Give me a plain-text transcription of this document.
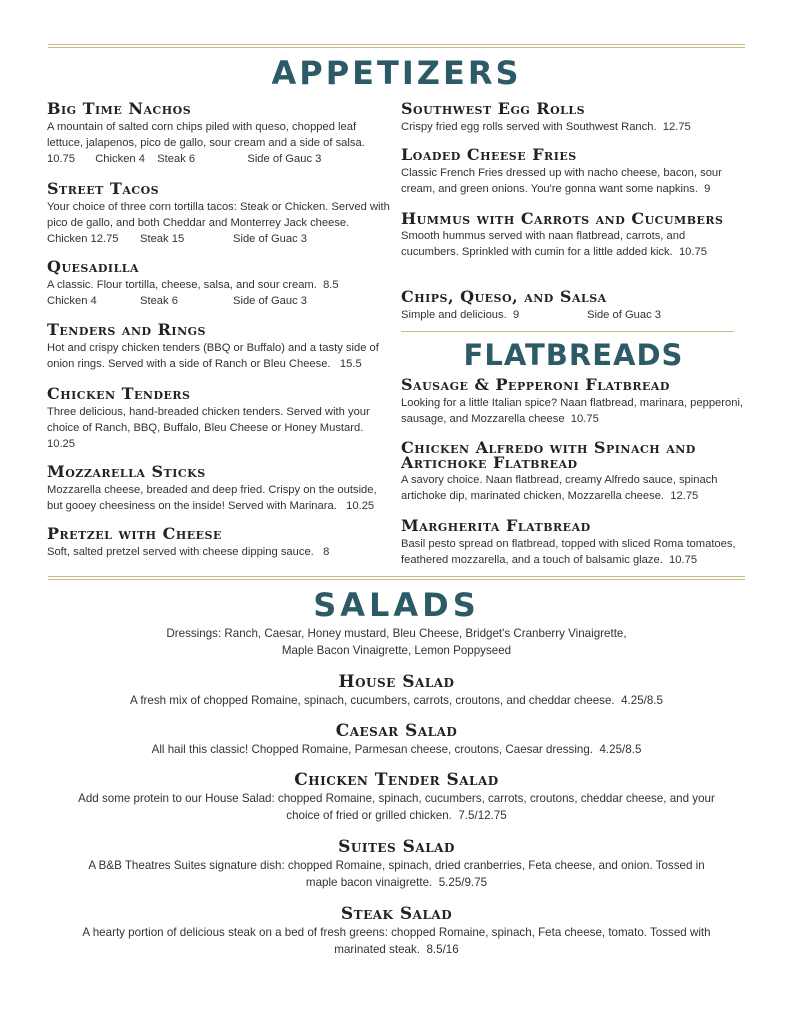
APPETIZERS
Big Time Nachos
A mountain of salted corn chips piled with queso, chopped leaf lettuce, jalapenos, pico de gallo, sour cream and a side of salsa. 10.75 Chicken 4 Steak 6	Side of Gauc 3
Street Tacos
Your choice of three corn tortilla tacos: Steak or Chicken. Served with pico de gallo, and both Cheddar and Monterrey Jack cheese.
Chicken 12.75 Steak 15	Side of Guac 3
Quesadilla
A classic. Flour tortilla, cheese, salsa, and sour cream. 8.5
Chicken 4	Steak 6	Side of Gauc 3
Tenders and Rings
Hot and crispy chicken tenders (BBQ or Buffalo) and a tasty side of onion rings. Served with a side of Ranch or Bleu Cheese. 15.5
Chicken Tenders
Three delicious, hand-breaded chicken tenders. Served with your choice of Ranch, BBQ, Buffalo, Bleu Cheese or Honey Mustard.
10.25
Mozzarella Sticks
Mozzarella cheese, breaded and deep fried. Crispy on the outside, but gooey cheesiness on the inside! Served with Marinara. 10.25
Pretzel with Cheese
Soft, salted pretzel served with cheese dipping sauce. 8
Southwest Egg Rolls
Crispy fried egg rolls served with Southwest Ranch. 12.75
Loaded Cheese Fries
Classic French Fries dressed up with nacho cheese, bacon, sour cream, and green onions. You're gonna want some napkins. 9
Hummus with Carrots and Cucumbers
Smooth hummus served with naan flatbread, carrots, and cucumbers. Sprinkled with cumin for a little added kick. 10.75
Chips, Queso, and Salsa
Simple and delicious. 9	Side of Guac 3
FLATBREADS
Sausage & Pepperoni Flatbread
Looking for a little Italian spice? Naan flatbread, marinara, pepperoni, sausage, and Mozzarella cheese 10.75
Chicken Alfredo with Spinach and Artichoke Flatbread
A savory choice. Naan flatbread, creamy Alfredo sauce, spinach artichoke dip, marinated chicken, Mozzarella cheese. 12.75
Margherita Flatbread
Basil pesto spread on flatbread, topped with sliced Roma tomatoes, feathered mozzarella, and a touch of balsamic glaze. 10.75
SALADS
Dressings: Ranch, Caesar, Honey mustard, Bleu Cheese, Bridget's Cranberry Vinaigrette,
Maple Bacon Vinaigrette, Lemon Poppyseed
House Salad
A fresh mix of chopped Romaine, spinach, cucumbers, carrots, croutons, and cheddar cheese. 4.25/8.5
Caesar Salad
All hail this classic! Chopped Romaine, Parmesan cheese, croutons, Caesar dressing. 4.25/8.5
Chicken Tender Salad
Add some protein to our House Salad: chopped Romaine, spinach, cucumbers, carrots, croutons, cheddar cheese, and your choice of fried or grilled chicken. 7.5/12.75
Suites Salad
A B&B Theatres Suites signature dish: chopped Romaine, spinach, dried cranberries, Feta cheese, and onion. Tossed in maple bacon vinaigrette. 5.25/9.75
Steak Salad
A hearty portion of delicious steak on a bed of fresh greens: chopped Romaine, spinach, Feta cheese, tomato. Tossed with marinated steak. 8.5/16
